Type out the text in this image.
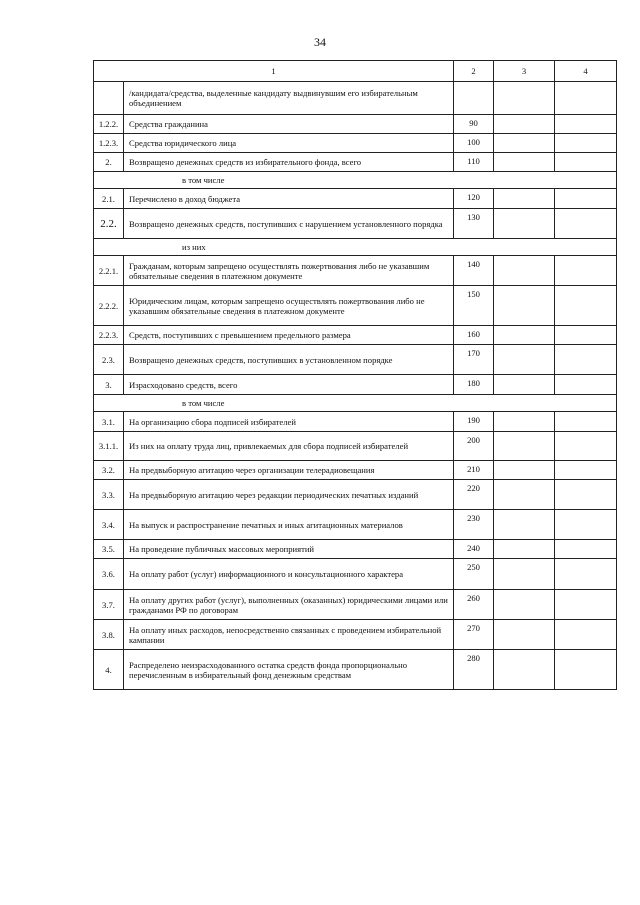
34
1		2	3	4
	/кандидата/средства, выделенные кандидату выдвинувшим его избирательным объединением			
1.2.2.	Средства гражданина	90		
1.2.3.	Средства юридического лица	100		
2.	Возвращено денежных средств из избирательного фонда, всего	110		
в том числе				
2.1.	Перечислено в доход бюджета	120		
2.2.	Возвращено денежных средств, поступивших с нарушением установленного порядка	130		
из них				
2.2.1.	Гражданам, которым запрещено осуществлять пожертвования либо не указавшим обязательные сведения в платежном документе	140		
2.2.2.	Юридическим лицам, которым запрещено осуществлять пожертвования либо не указавшим обязательные сведения в платежном документе	150		
2.2.3.	Средств, поступивших с превышением предельного размера	160		
2.3.	Возвращено денежных средств, поступивших в установленном порядке	170		
3.	Израсходовано средств, всего	180		
в том числе				
3.1.	На организацию сбора подписей избирателей	190		
3.1.1.	Из них на оплату труда лиц, привлекаемых для сбора подписей избирателей	200		
3.2.	На предвыборную агитацию через организации телерадиовещания	210		
3.3.	На предвыборную агитацию через редакции периодических печатных изданий	220		
3.4.	На выпуск и распространение печатных и иных агитационных материалов	230		
3.5.	На проведение публичных массовых мероприятий	240		
3.6.	На оплату работ (услуг) информационного и консультационного характера	250		
3.7.	На оплату других работ (услуг), выполненных (оказанных) юридическими лицами или гражданами РФ по договорам	260		
3.8.	На оплату иных расходов, непосредственно связанных с проведением избирательной кампании	270		
4.	Распределено неизрасходованного остатка средств фонда пропорционально перечисленным в избирательный фонд денежным средствам	280		
